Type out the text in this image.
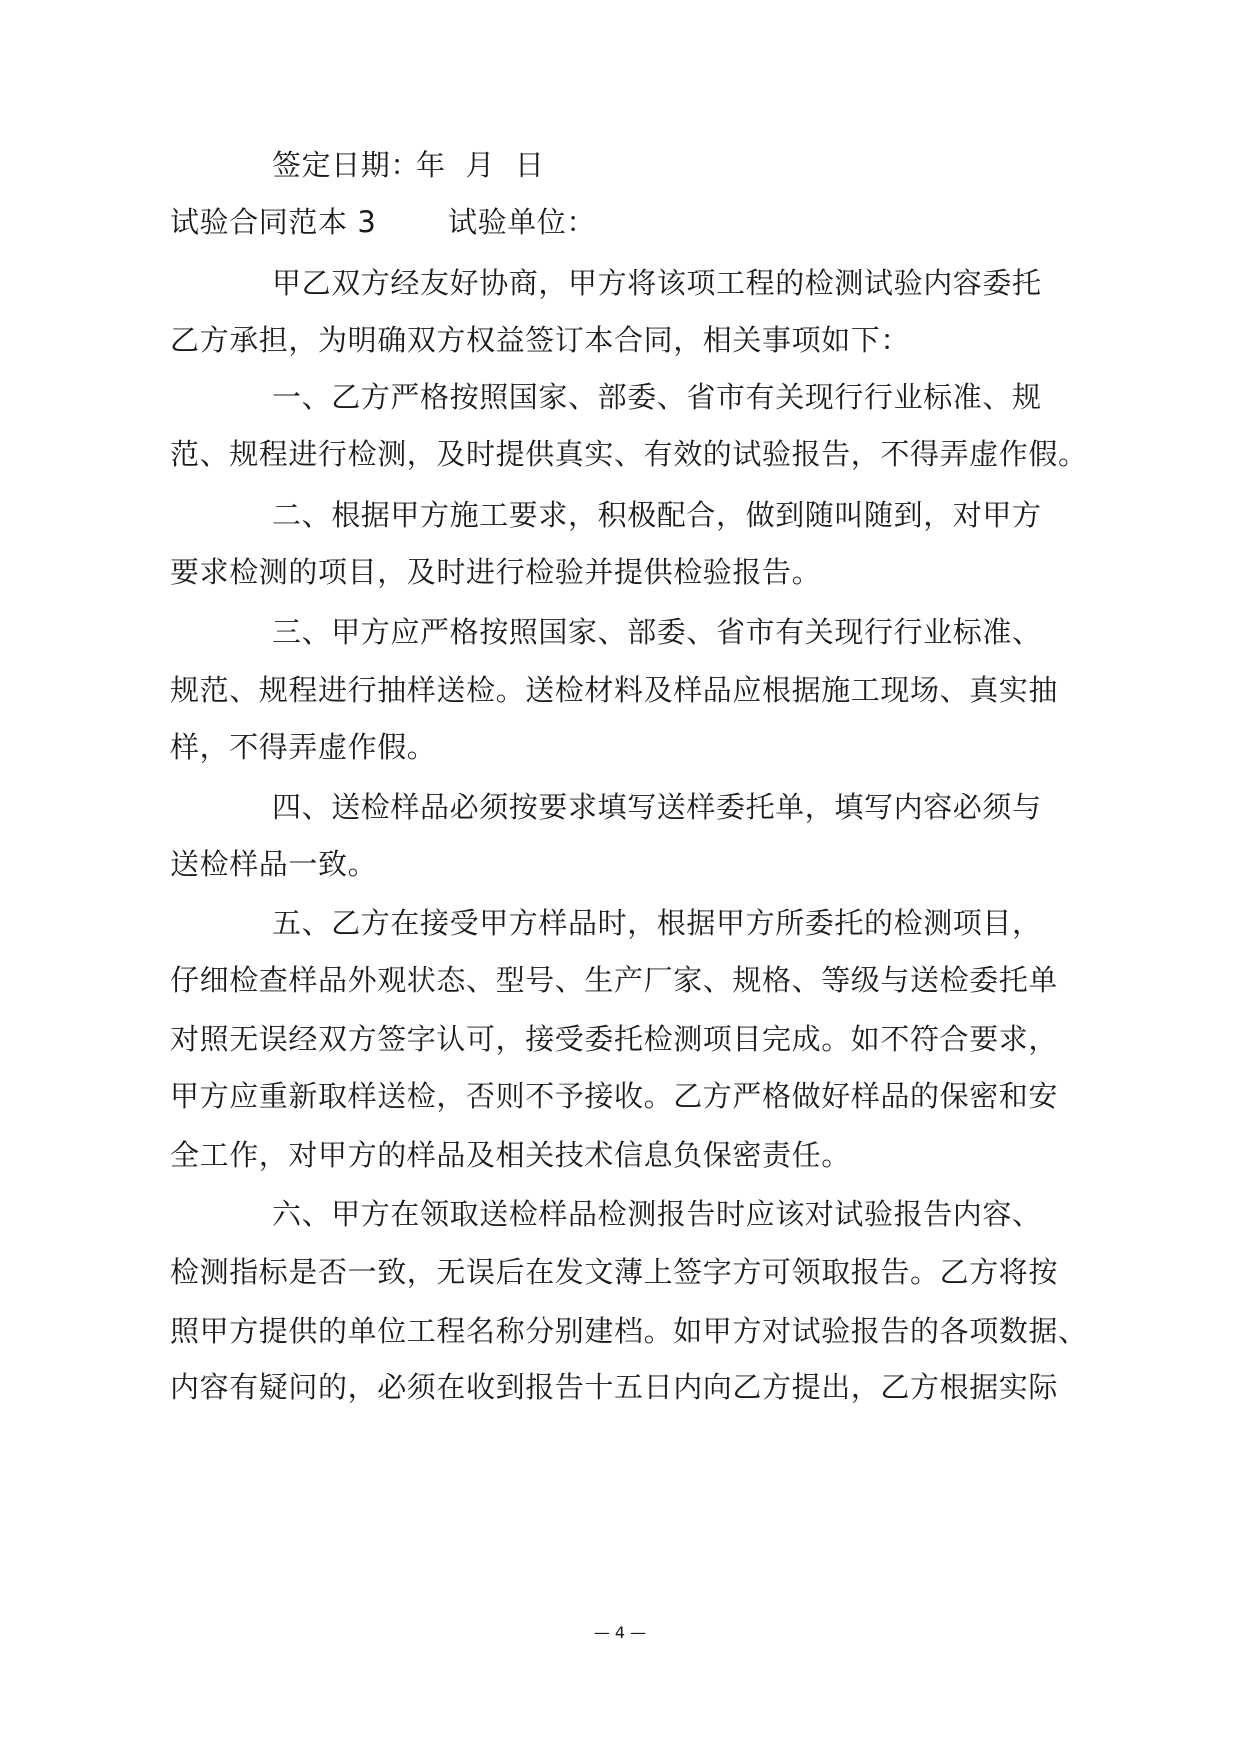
签定日期：
年 月 日
试验合同范本 3 试验单位：
甲乙双方经友好协商，甲方将该项工程的检测试验内容委托
乙方承担，为明确双方权益签订本合同，相关事项如下：
一、乙方严格按照国家、部委、省市有关现行行业标准、规
范、规程进行检测，及时提供真实、有效的试验报告，不得弄虚作假。
二、根据甲方施工要求，积极配合，做到随叫随到，对甲方
要求检测的项目，及时进行检验并提供检验报告。
三、甲方应严格按照国家、部委、省市有关现行行业标准、
规范、规程进行抽样送检。送检材料及样品应根据施工现场、真实抽
样，不得弄虚作假。
四、送检样品必须按要求填写送样委托单，填写内容必须与
送检样品一致。
五、乙方在接受甲方样品时，根据甲方所委托的检测项目，
仔细检查样品外观状态、型号、生产厂家、规格、等级与送检委托单
对照无误经双方签字认可，接受委托检测项目完成。如不符合要求，
甲方应重新取样送检，否则不予接收。乙方严格做好样品的保密和安
全工作，对甲方的样品及相关技术信息负保密责任。
六、甲方在领取送检样品检测报告时应该对试验报告内容、
检测指标是否一致，无误后在发文薄上签字方可领取报告。乙方将按
照甲方提供的单位工程名称分别建档。如甲方对试验报告的各项数据、
内容有疑问的，必须在收到报告十五日内向乙方提出，乙方根据实际
— 4 —
